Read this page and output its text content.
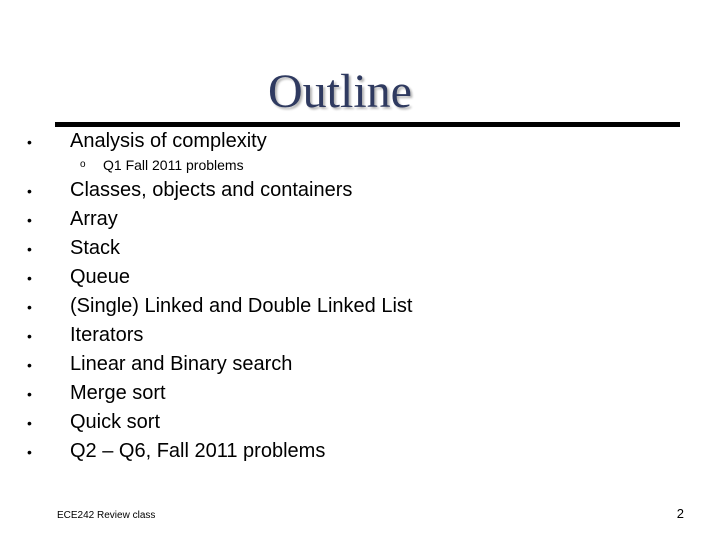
Outline
• Analysis of complexity
o Q1 Fall 2011 problems
• Classes, objects and containers
• Array
• Stack
• Queue
• (Single) Linked and Double Linked List
• Iterators
• Linear and Binary search
• Merge sort
• Quick sort
• Q2 – Q6, Fall 2011 problems
ECE242 Review class	2
